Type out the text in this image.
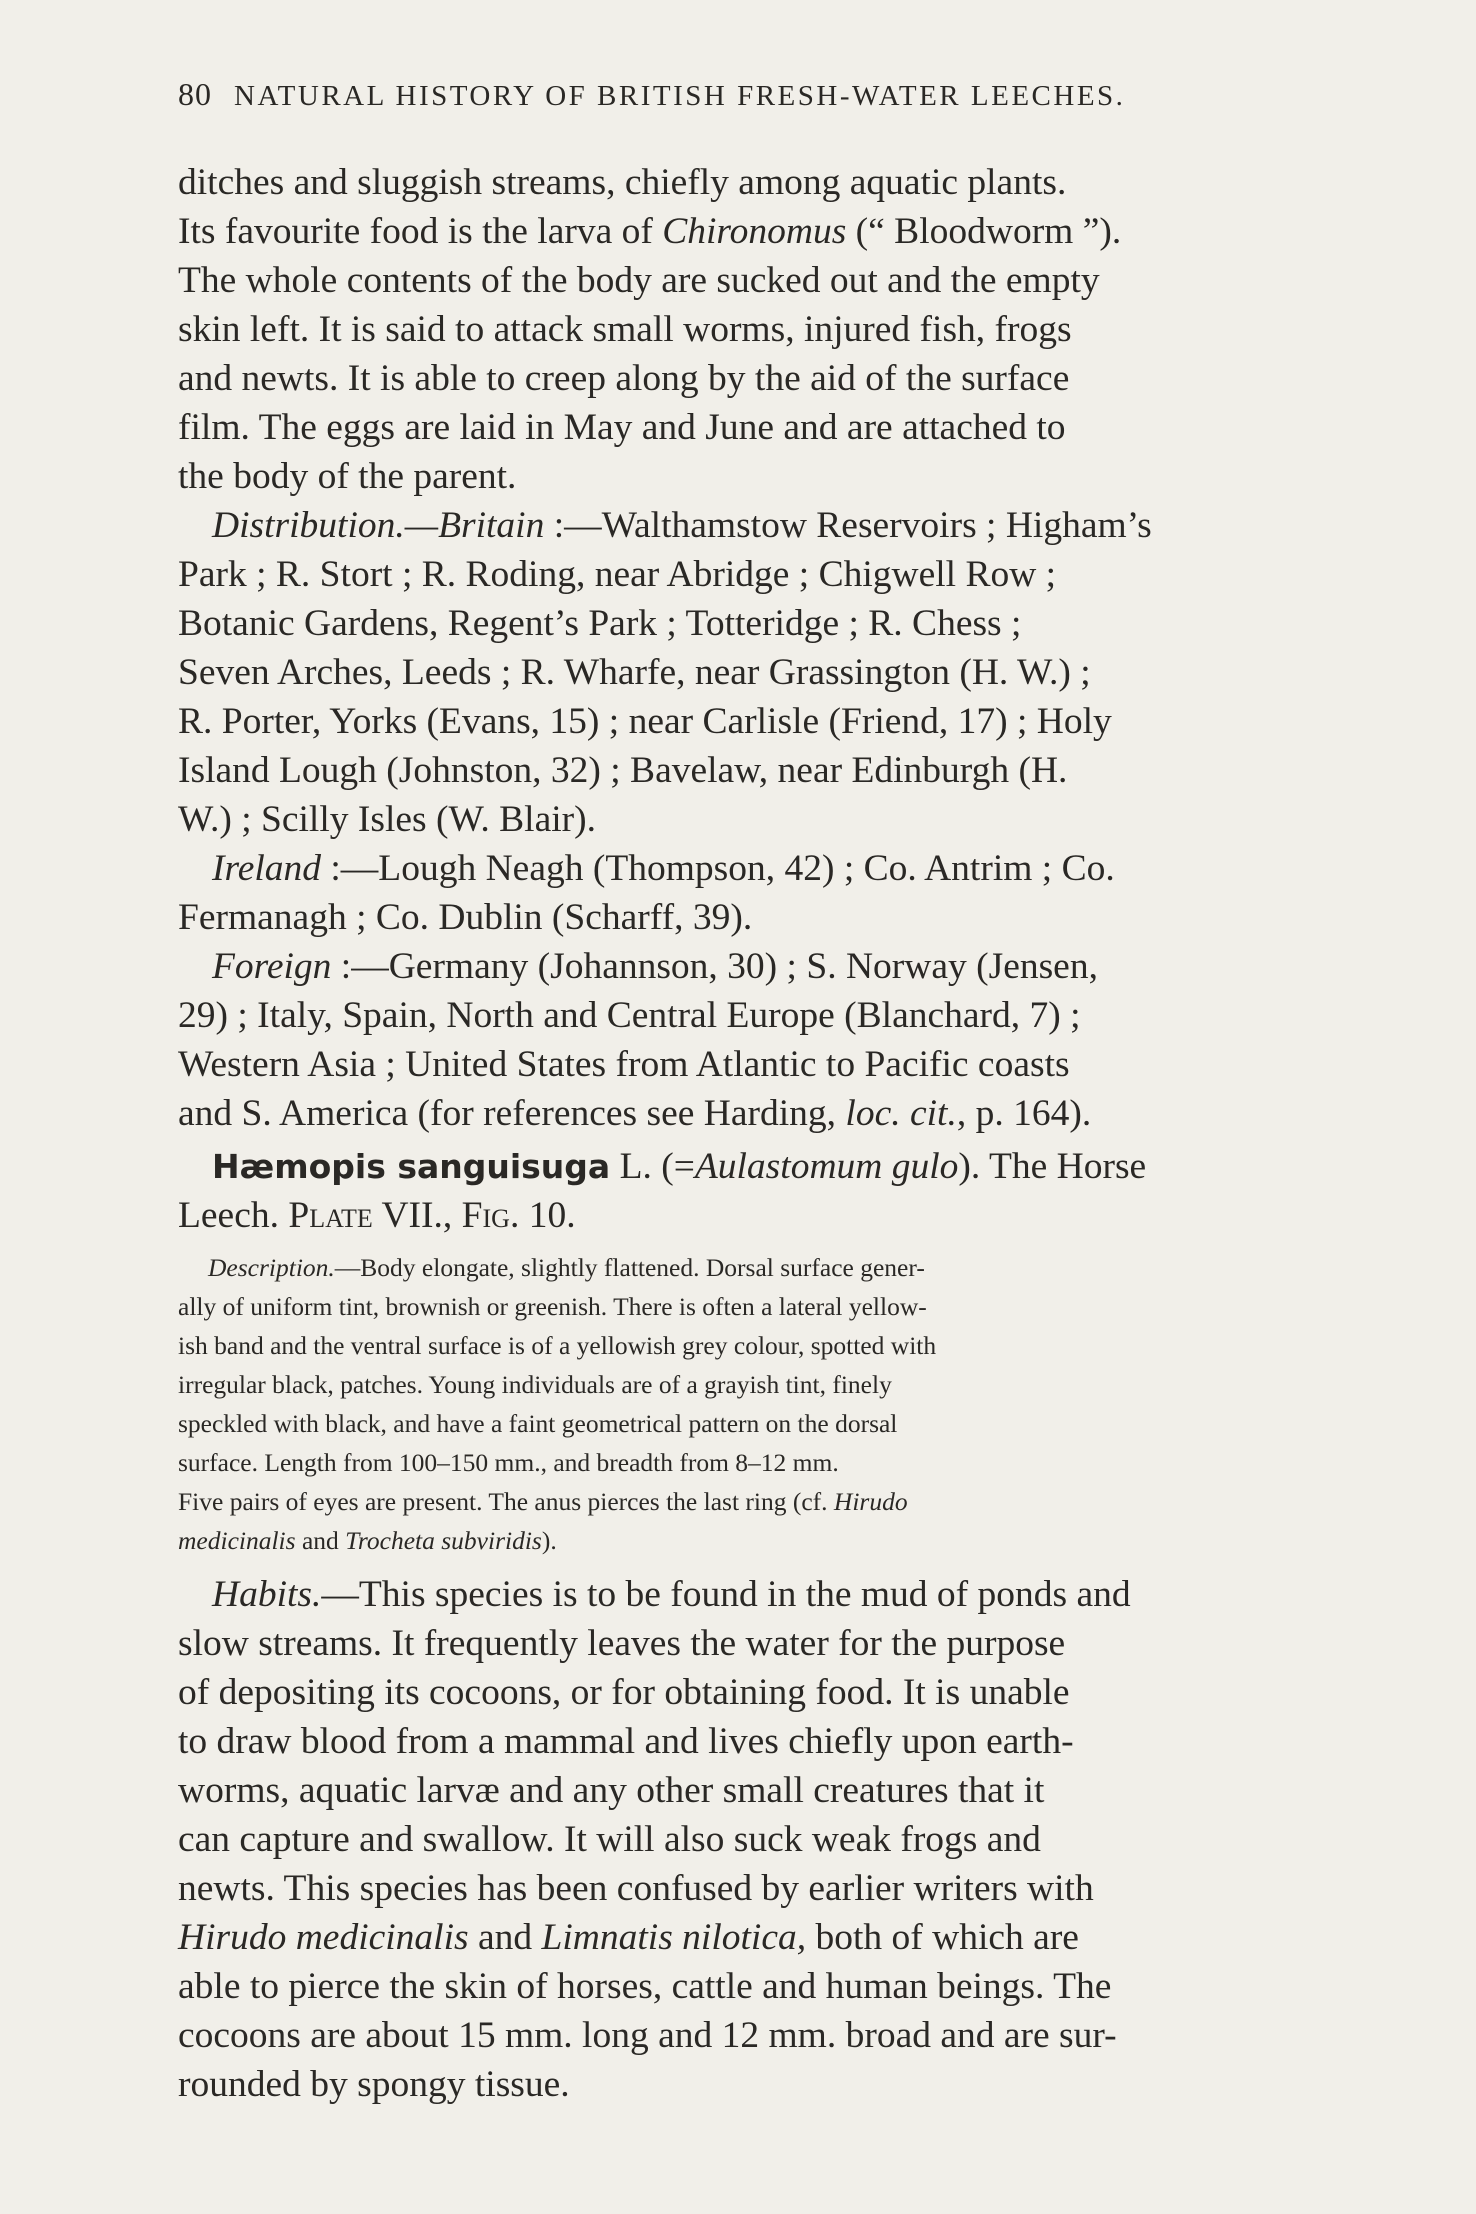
80 NATURAL HISTORY OF BRITISH FRESH-WATER LEECHES.
ditches and sluggish streams, chiefly among aquatic plants.
Its favourite food is the larva of Chironomus (“ Bloodworm ”).
The whole contents of the body are sucked out and the empty
skin left. It is said to attack small worms, injured fish, frogs
and newts. It is able to creep along by the aid of the surface
film. The eggs are laid in May and June and are attached to
the body of the parent.
Distribution.—Britain :—Walthamstow Reservoirs ; Higham’s
Park ; R. Stort ; R. Roding, near Abridge ; Chigwell Row ;
Botanic Gardens, Regent’s Park ; Totteridge ; R. Chess ;
Seven Arches, Leeds ; R. Wharfe, near Grassington (H. W.) ;
R. Porter, Yorks (Evans, 15) ; near Carlisle (Friend, 17) ; Holy
Island Lough (Johnston, 32) ; Bavelaw, near Edinburgh (H.
W.) ; Scilly Isles (W. Blair).
Ireland :—Lough Neagh (Thompson, 42) ; Co. Antrim ; Co.
Fermanagh ; Co. Dublin (Scharff, 39).
Foreign :—Germany (Johannson, 30) ; S. Norway (Jensen,
29) ; Italy, Spain, North and Central Europe (Blanchard, 7) ;
Western Asia ; United States from Atlantic to Pacific coasts
and S. America (for references see Harding, loc. cit., p. 164).
Hæmopis sanguisuga L. (=Aulastomum gulo). The Horse
Leech. Plate VII., Fig. 10.
Description.—Body elongate, slightly flattened. Dorsal surface gener-
ally of uniform tint, brownish or greenish. There is often a lateral yellow-
ish band and the ventral surface is of a yellowish grey colour, spotted with
irregular black, patches. Young individuals are of a grayish tint, finely
speckled with black, and have a faint geometrical pattern on the dorsal
surface. Length from 100–150 mm., and breadth from 8–12 mm.
Five pairs of eyes are present. The anus pierces the last ring (cf. Hirudo
medicinalis and Trocheta subviridis).
Habits.—This species is to be found in the mud of ponds and
slow streams. It frequently leaves the water for the purpose
of depositing its cocoons, or for obtaining food. It is unable
to draw blood from a mammal and lives chiefly upon earth-
worms, aquatic larvæ and any other small creatures that it
can capture and swallow. It will also suck weak frogs and
newts. This species has been confused by earlier writers with
Hirudo medicinalis and Limnatis nilotica, both of which are
able to pierce the skin of horses, cattle and human beings. The
cocoons are about 15 mm. long and 12 mm. broad and are sur-
rounded by spongy tissue.
